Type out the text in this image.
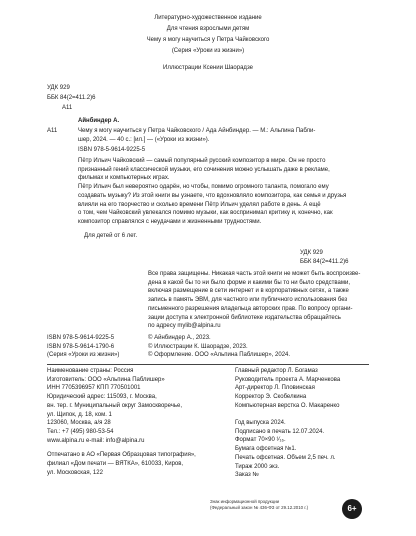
Литературно-художественное издание
Для чтения взрослыми детям
Чему я могу научиться у Петра Чайковского
(Серия «Уроки из жизни»)
Иллюстрации Ксении Шаорадзе
УДК 929
ББК 84(2=411.2)6
А11
Айнбиндер А.
А11	Чему я могу научиться у Петра Чайковского / Ада Айнбиндер. — М.: Альпина Пабли-
шер, 2024. — 40 с.: [ил.] — («Уроки из жизни»).
ISBN 978-5-9614-9225-5
Пётр Ильич Чайковский — самый популярный русский композитор в мире. Он не просто
признанный гений классической музыки, его сочинения можно услышать даже в рекламе,
фильмах и компьютерных играх.
Пётр Ильич был невероятно одарён, но чтобы, помимо огромного таланта, помогало ему
создавать музыку? Из этой книги вы узнаете, что вдохновляло композитора, как семья и друзья
влияли на его творчество и сколько времени Пётр Ильич уделял работе в день. А ещё
о том, чем Чайковский увлекался помимо музыки, как воспринимал критику и, конечно, как
композитор справлялся с неудачами и жизненными трудностями.
Для детей от 6 лет.
УДК 929
ББК 84(2=411.2)6
Все права защищены. Никакая часть этой книги не может быть воспроизве-
дена в какой бы то ни было форме и какими бы то ни было средствами,
включая размещение в сети интернет и в корпоративных сетях, а также
запись в память ЭВМ, для частного или публичного использования без
письменного разрешения владельца авторских прав. По вопросу органи-
зации доступа к электронной библиотеке издательства обращайтесь
по адресу mylib@alpina.ru
ISBN 978-5-9614-9225-5
ISBN 978-5-9614-1790-6
(Серия «Уроки из жизни»)
© Айнбиндер А., 2023.
© Иллюстрации К. Шаорадзе, 2023.
© Оформление. ООО «Альпина Паблишер», 2024.
Наименование страны: Россия
Изготовитель: ООО «Альпина Паблишер»
ИНН 7705396957 КПП 770501001
Юридический адрес: 115093, г. Москва,
вн. тер. г. Муниципальный округ Замоскворечье,
ул. Щипок, д. 18, ком. 1
123060, Москва, а/я 28
Тел.: +7 (495) 980-53-54
www.alpina.ru e-mail: info@alpina.ru
Отпечатано в АО «Первая Образцовая типография»,
филиал «Дом печати — ВЯТКА», 610033, Киров,
ул. Московская, 122
Главный редактор Л. Богамаз
Руководитель проекта А. Марченкова
Арт-директор Л. Пловинская
Корректор Э. Скобелкина
Компьютерная верстка О. Макаренко
Год выпуска 2024.
Подписано в печать 12.07.2024.
Формат 70×90 ¹⁄₁₆.
Бумага офсетная №1.
Печать офсетная. Объем 2,5 печ. л.
Тираж 2000 экз.
Заказ №
Знак информационной продукции
(Федеральный закон № 436-ФЗ от 29.12.2010 г.)	6+
